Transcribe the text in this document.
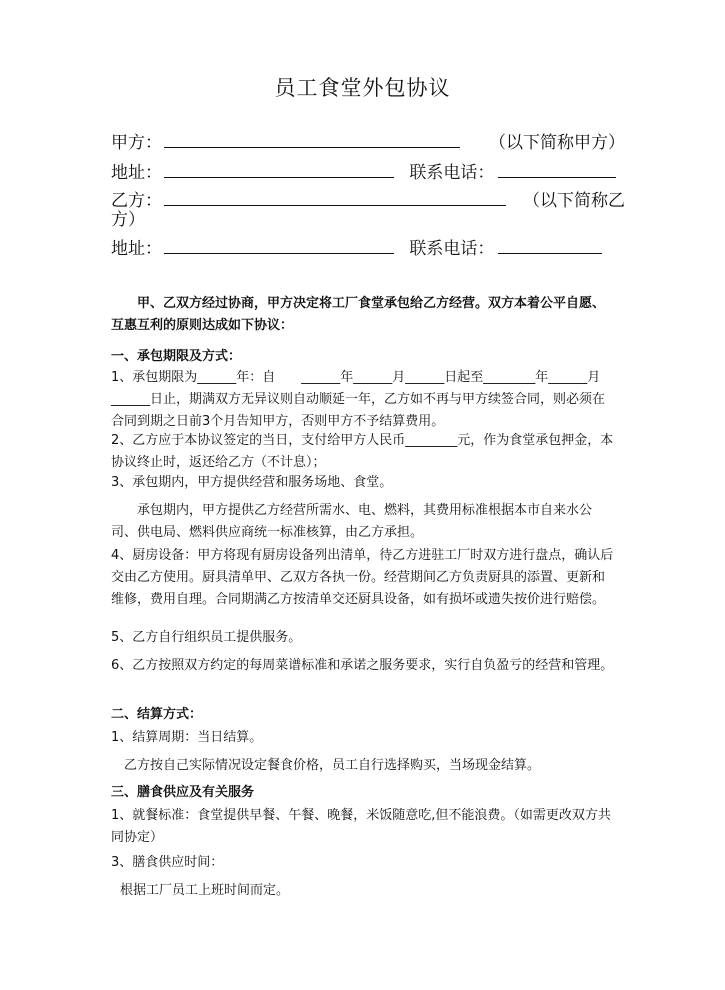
员工食堂外包协议
甲方：	（以下简称甲方）
地址：	联系电话：
乙方：	（以下简称乙
方）
地址：	联系电话：

甲、乙双方经过协商，甲方决定将工厂食堂承包给乙方经营。双方本着公平自愿、互惠互利的原则达成如下协议：

一、承包期限及方式：

1、承包期限为______年：自　　______年______月______日起至________年______月______日止，期满双方无异议则自动顺延一年，乙方如不再与甲方续签合同，则必须在合同到期之日前3个月告知甲方，否则甲方不予结算费用。

2、乙方应于本协议签定的当日，支付给甲方人民币________元，作为食堂承包押金，本协议终止时，返还给乙方（不计息）；

3、承包期内，甲方提供经营和服务场地、食堂。

承包期内，甲方提供乙方经营所需水、电、燃料，其费用标准根据本市自来水公司、供电局、燃料供应商统一标准核算，由乙方承担。

4、厨房设备：甲方将现有厨房设备列出清单，待乙方进驻工厂时双方进行盘点，确认后交由乙方使用。厨具清单甲、乙双方各执一份。经营期间乙方负责厨具的添置、更新和维修，费用自理。合同期满乙方按清单交还厨具设备，如有损坏或遗失按价进行赔偿。

5、乙方自行组织员工提供服务。

6、乙方按照双方约定的每周菜谱标准和承诺之服务要求，实行自负盈亏的经营和管理。

二、结算方式：

1、结算周期：当日结算。

乙方按自己实际情况设定餐食价格，员工自行选择购买，当场现金结算。

三、膳食供应及有关服务

1、就餐标准：食堂提供早餐、午餐、晚餐，米饭随意吃,但不能浪费。（如需更改双方共同协定）

3、膳食供应时间：

根据工厂员工上班时间而定。
